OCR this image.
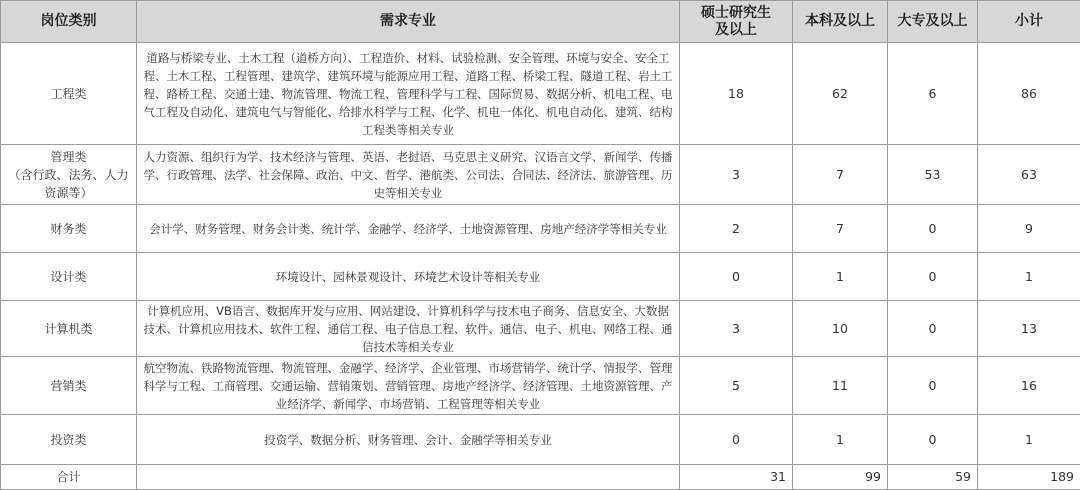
岗位类别	需求专业	硕士研究生及以上	本科及以上	大专及以上	小计

工程类	道路与桥梁专业、土木工程（道桥方向）、工程造价、材料、试验检测、安全管理、环境与安全、安全工程、土木工程、工程管理、建筑学、建筑环境与能源应用工程、道路工程、桥梁工程、隧道工程、岩土工程、路桥工程、交通土建、物流管理、物流工程、管理科学与工程、国际贸易、数据分析、机电工程、电气工程及自动化、建筑电气与智能化、给排水科学与工程、化学、机电一体化、机电自动化、建筑、结构工程类等相关专业	18	62	6	86

管理类
（含行政、法务、人力资源等）	人力资源、组织行为学、技术经济与管理、英语、老挝语、马克思主义研究、汉语言文学、新闻学、传播学、行政管理、法学、社会保障、政治、中文、哲学、港航类、公司法、合同法、经济法、旅游管理、历史等相关专业	3	7	53	63

财务类	会计学、财务管理、财务会计类、统计学、金融学、经济学、土地资源管理、房地产经济学等相关专业	2	7	0	9

设计类	环境设计、园林景观设计、环境艺术设计等相关专业	0	1	0	1

计算机类	计算机应用、VB语言、数据库开发与应用、网站建设、计算机科学与技术电子商务、信息安全、大数据技术、计算机应用技术、软件工程、通信工程、电子信息工程、软件、通信、电子、机电、网络工程、通信技术等相关专业	3	10	0	13

营销类	航空物流、铁路物流管理、物流管理、金融学、经济学、企业管理、市场营销学、统计学、情报学、管理科学与工程、工商管理、交通运输、营销策划、营销管理、房地产经济学、经济管理、土地资源管理、产业经济学、新闻学、市场营销、工程管理等相关专业	5	11	0	16

投资类	投资学、数据分析、财务管理、会计、金融学等相关专业	0	1	0	1
合计		31	99	59	189
